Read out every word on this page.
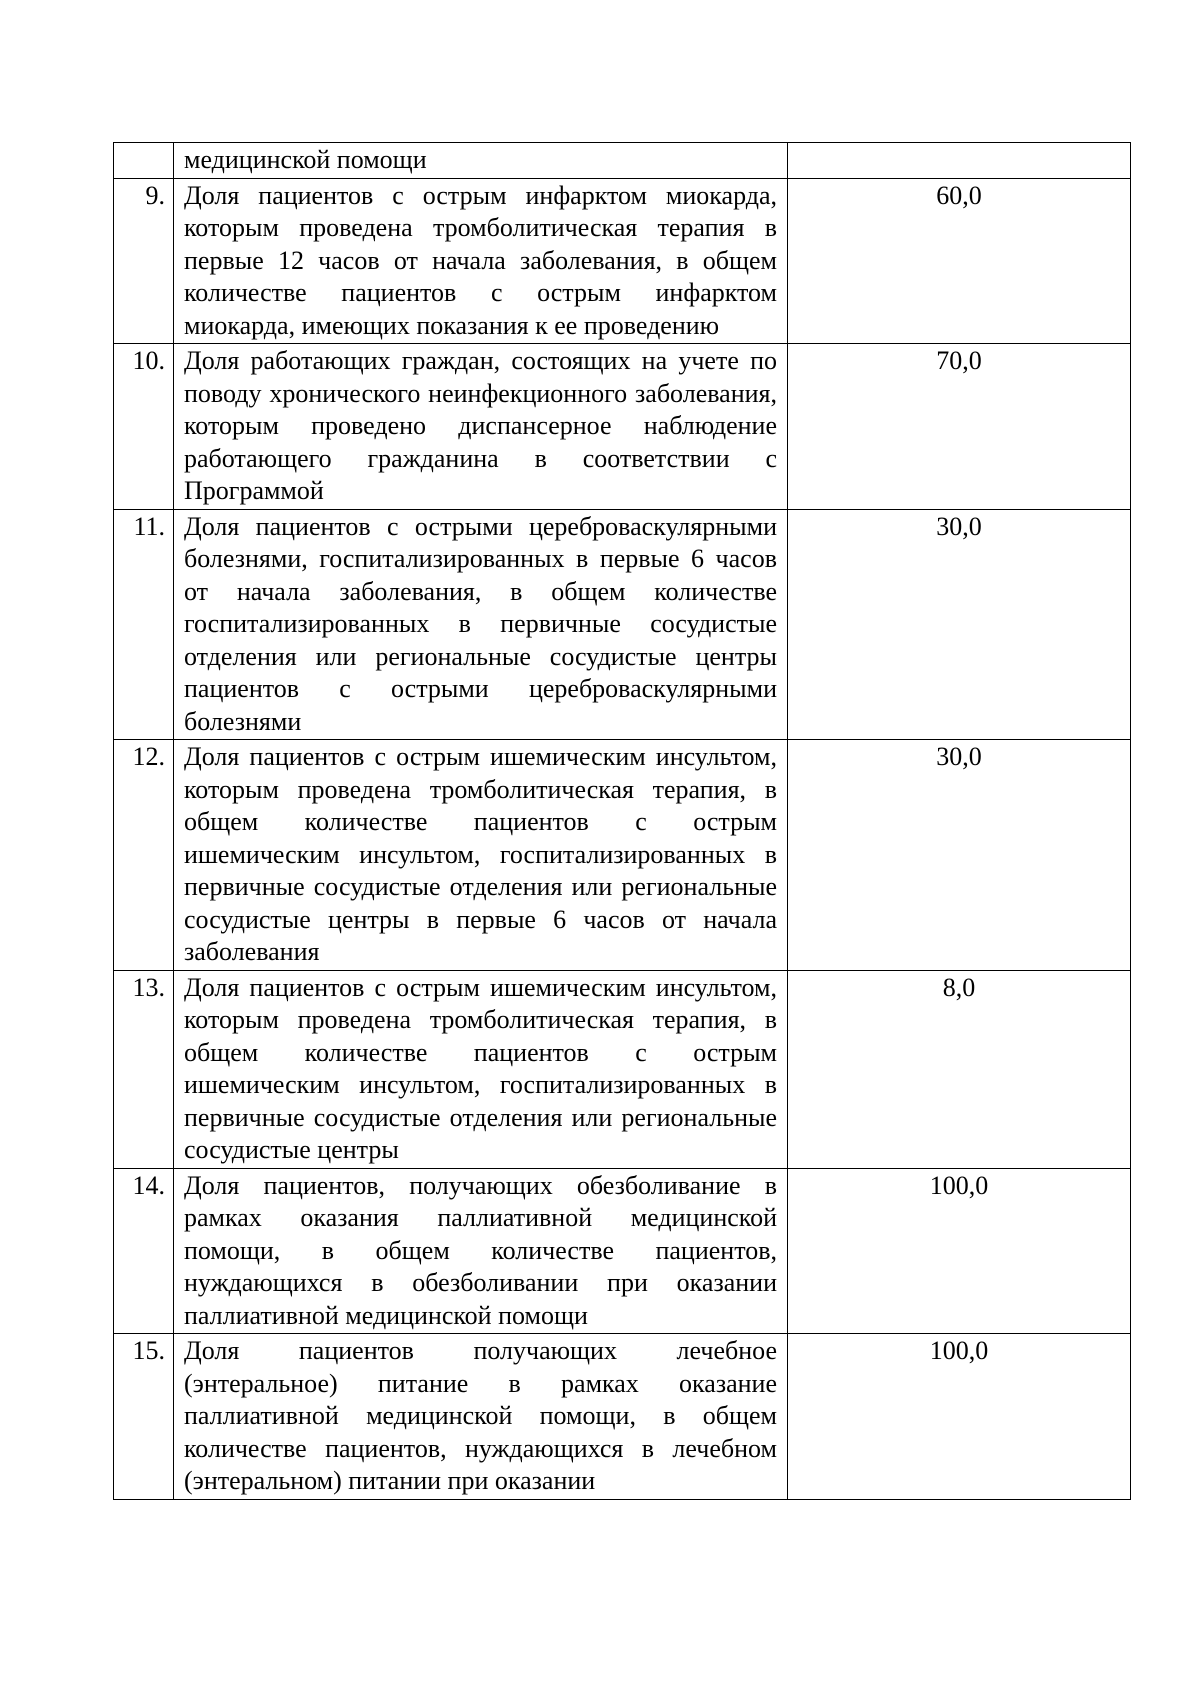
	медицинской помощи	
9.	Доля пациентов с острым инфарктом миокарда, которым проведена тромболитическая терапия в первые 12 часов от начала заболевания, в общем количестве пациентов с острым инфарктом миокарда, имеющих показания к ее проведению	60,0
10.	Доля работающих граждан, состоящих на учете по поводу хронического неинфекционного заболевания, которым проведено диспансерное наблюдение работающего гражданина в соответствии с Программой	70,0
11.	Доля пациентов с острыми цереброваскулярными болезнями, госпитализированных в первые 6 часов от начала заболевания, в общем количестве госпитализированных в первичные сосудистые отделения или региональные сосудистые центры пациентов с острыми цереброваскулярными болезнями	30,0
12.	Доля пациентов с острым ишемическим инсультом, которым проведена тромболитическая терапия, в общем количестве пациентов с острым ишемическим инсультом, госпитализированных в первичные сосудистые отделения или региональные сосудистые центры в первые 6 часов от начала заболевания	30,0
13.	Доля пациентов с острым ишемическим инсультом, которым проведена тромболитическая терапия, в общем количестве пациентов с острым ишемическим инсультом, госпитализированных в первичные сосудистые отделения или региональные сосудистые центры	8,0
14.	Доля пациентов, получающих обезболивание в рамках оказания паллиативной медицинской помощи, в общем количестве пациентов, нуждающихся в обезболивании при оказании паллиативной медицинской помощи	100,0
15.	Доля пациентов получающих лечебное (энтеральное) питание в рамках оказание паллиативной медицинской помощи, в общем количестве пациентов, нуждающихся в лечебном (энтеральном) питании при оказании	100,0
